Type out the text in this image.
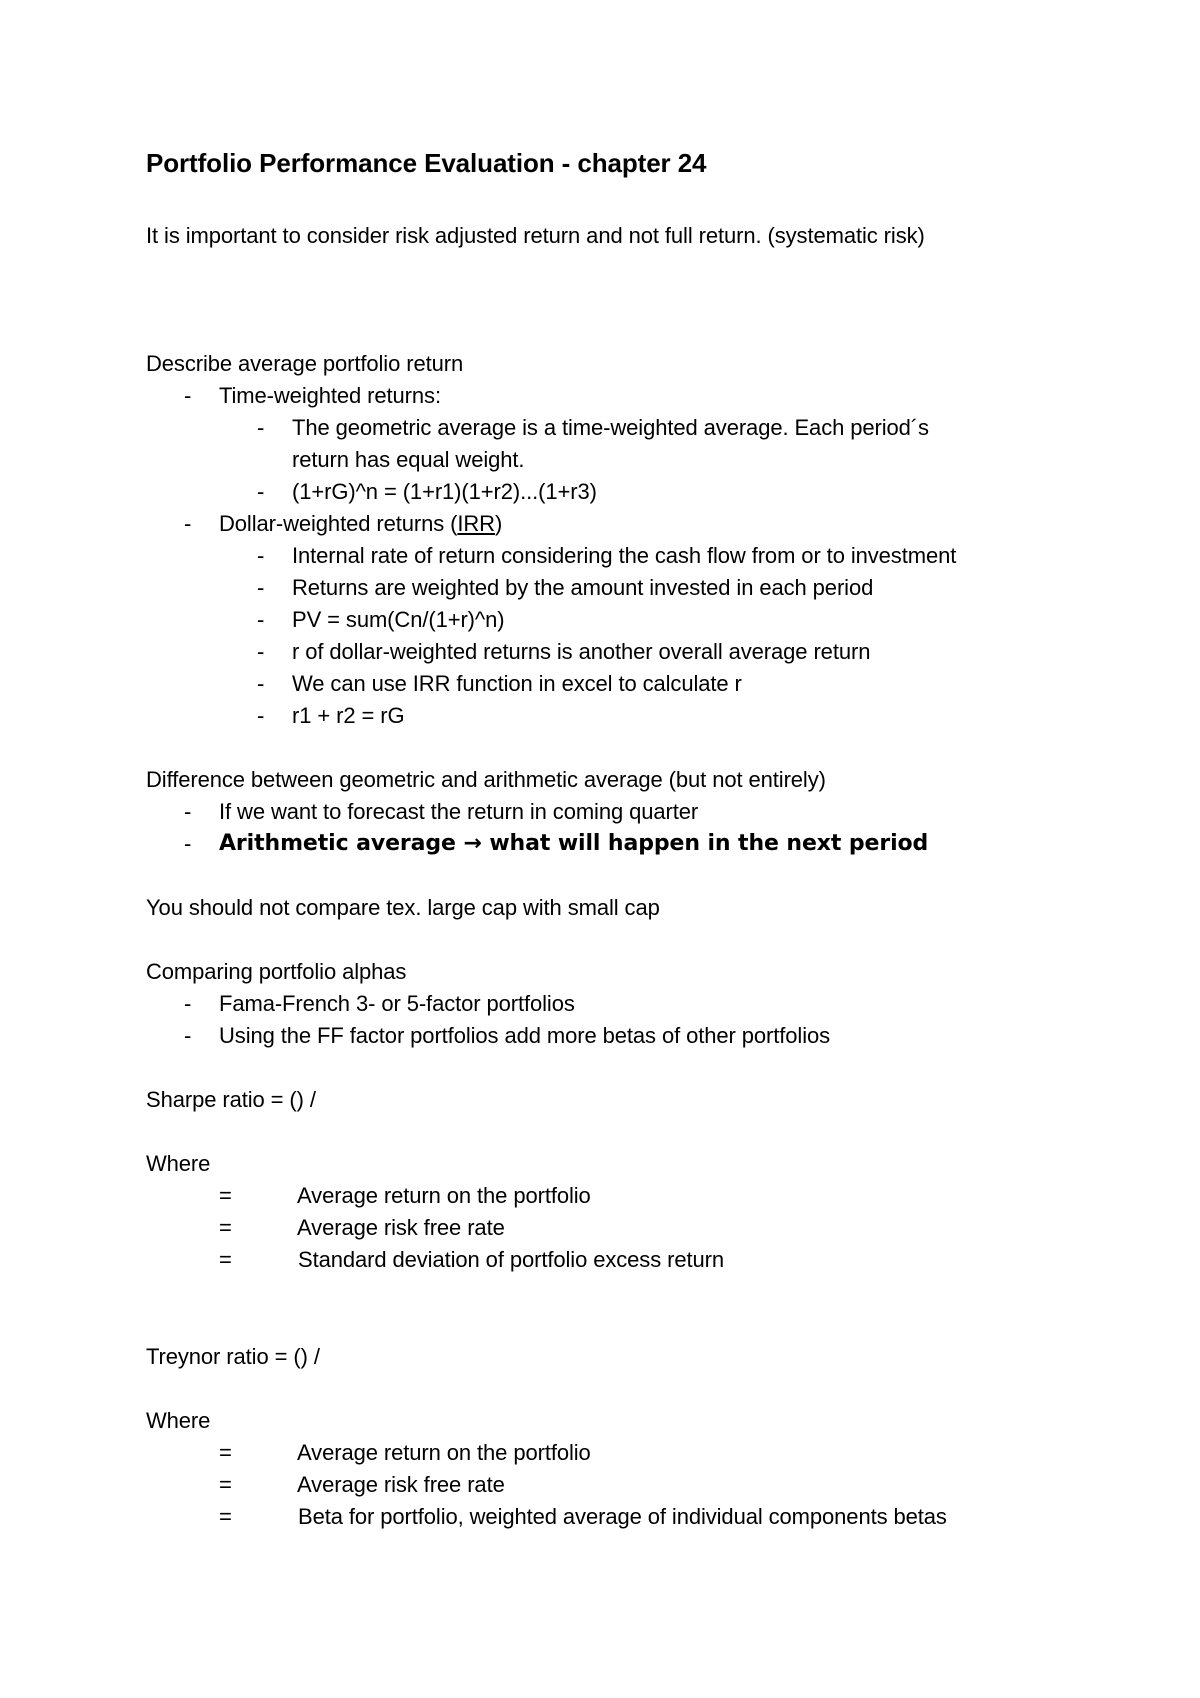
Portfolio Performance Evaluation - chapter 24
It is important to consider risk adjusted return and not full return. (systematic risk)
Describe average portfolio return
- Time-weighted returns:
- The geometric average is a time-weighted average. Each period´s
return has equal weight.
- (1+rG)^n = (1+r1)(1+r2)...(1+r3)
- Dollar-weighted returns (IRR)
- Internal rate of return considering the cash flow from or to investment
- Returns are weighted by the amount invested in each period
- PV = sum(Cn/(1+r)^n)
- r of dollar-weighted returns is another overall average return
- We can use IRR function in excel to calculate r
- r1 + r2 = rG
Difference between geometric and arithmetic average (but not entirely)
- If we want to forecast the return in coming quarter
- Arithmetic average → what will happen in the next period
You should not compare tex. large cap with small cap
Comparing portfolio alphas
- Fama-French 3- or 5-factor portfolios
- Using the FF factor portfolios add more betas of other portfolios
Sharpe ratio = () /
Where
=	Average return on the portfolio
=	Average risk free rate
=	Standard deviation of portfolio excess return
Treynor ratio = () /
Where
=	Average return on the portfolio
=	Average risk free rate
=	Beta for portfolio, weighted average of individual components betas
